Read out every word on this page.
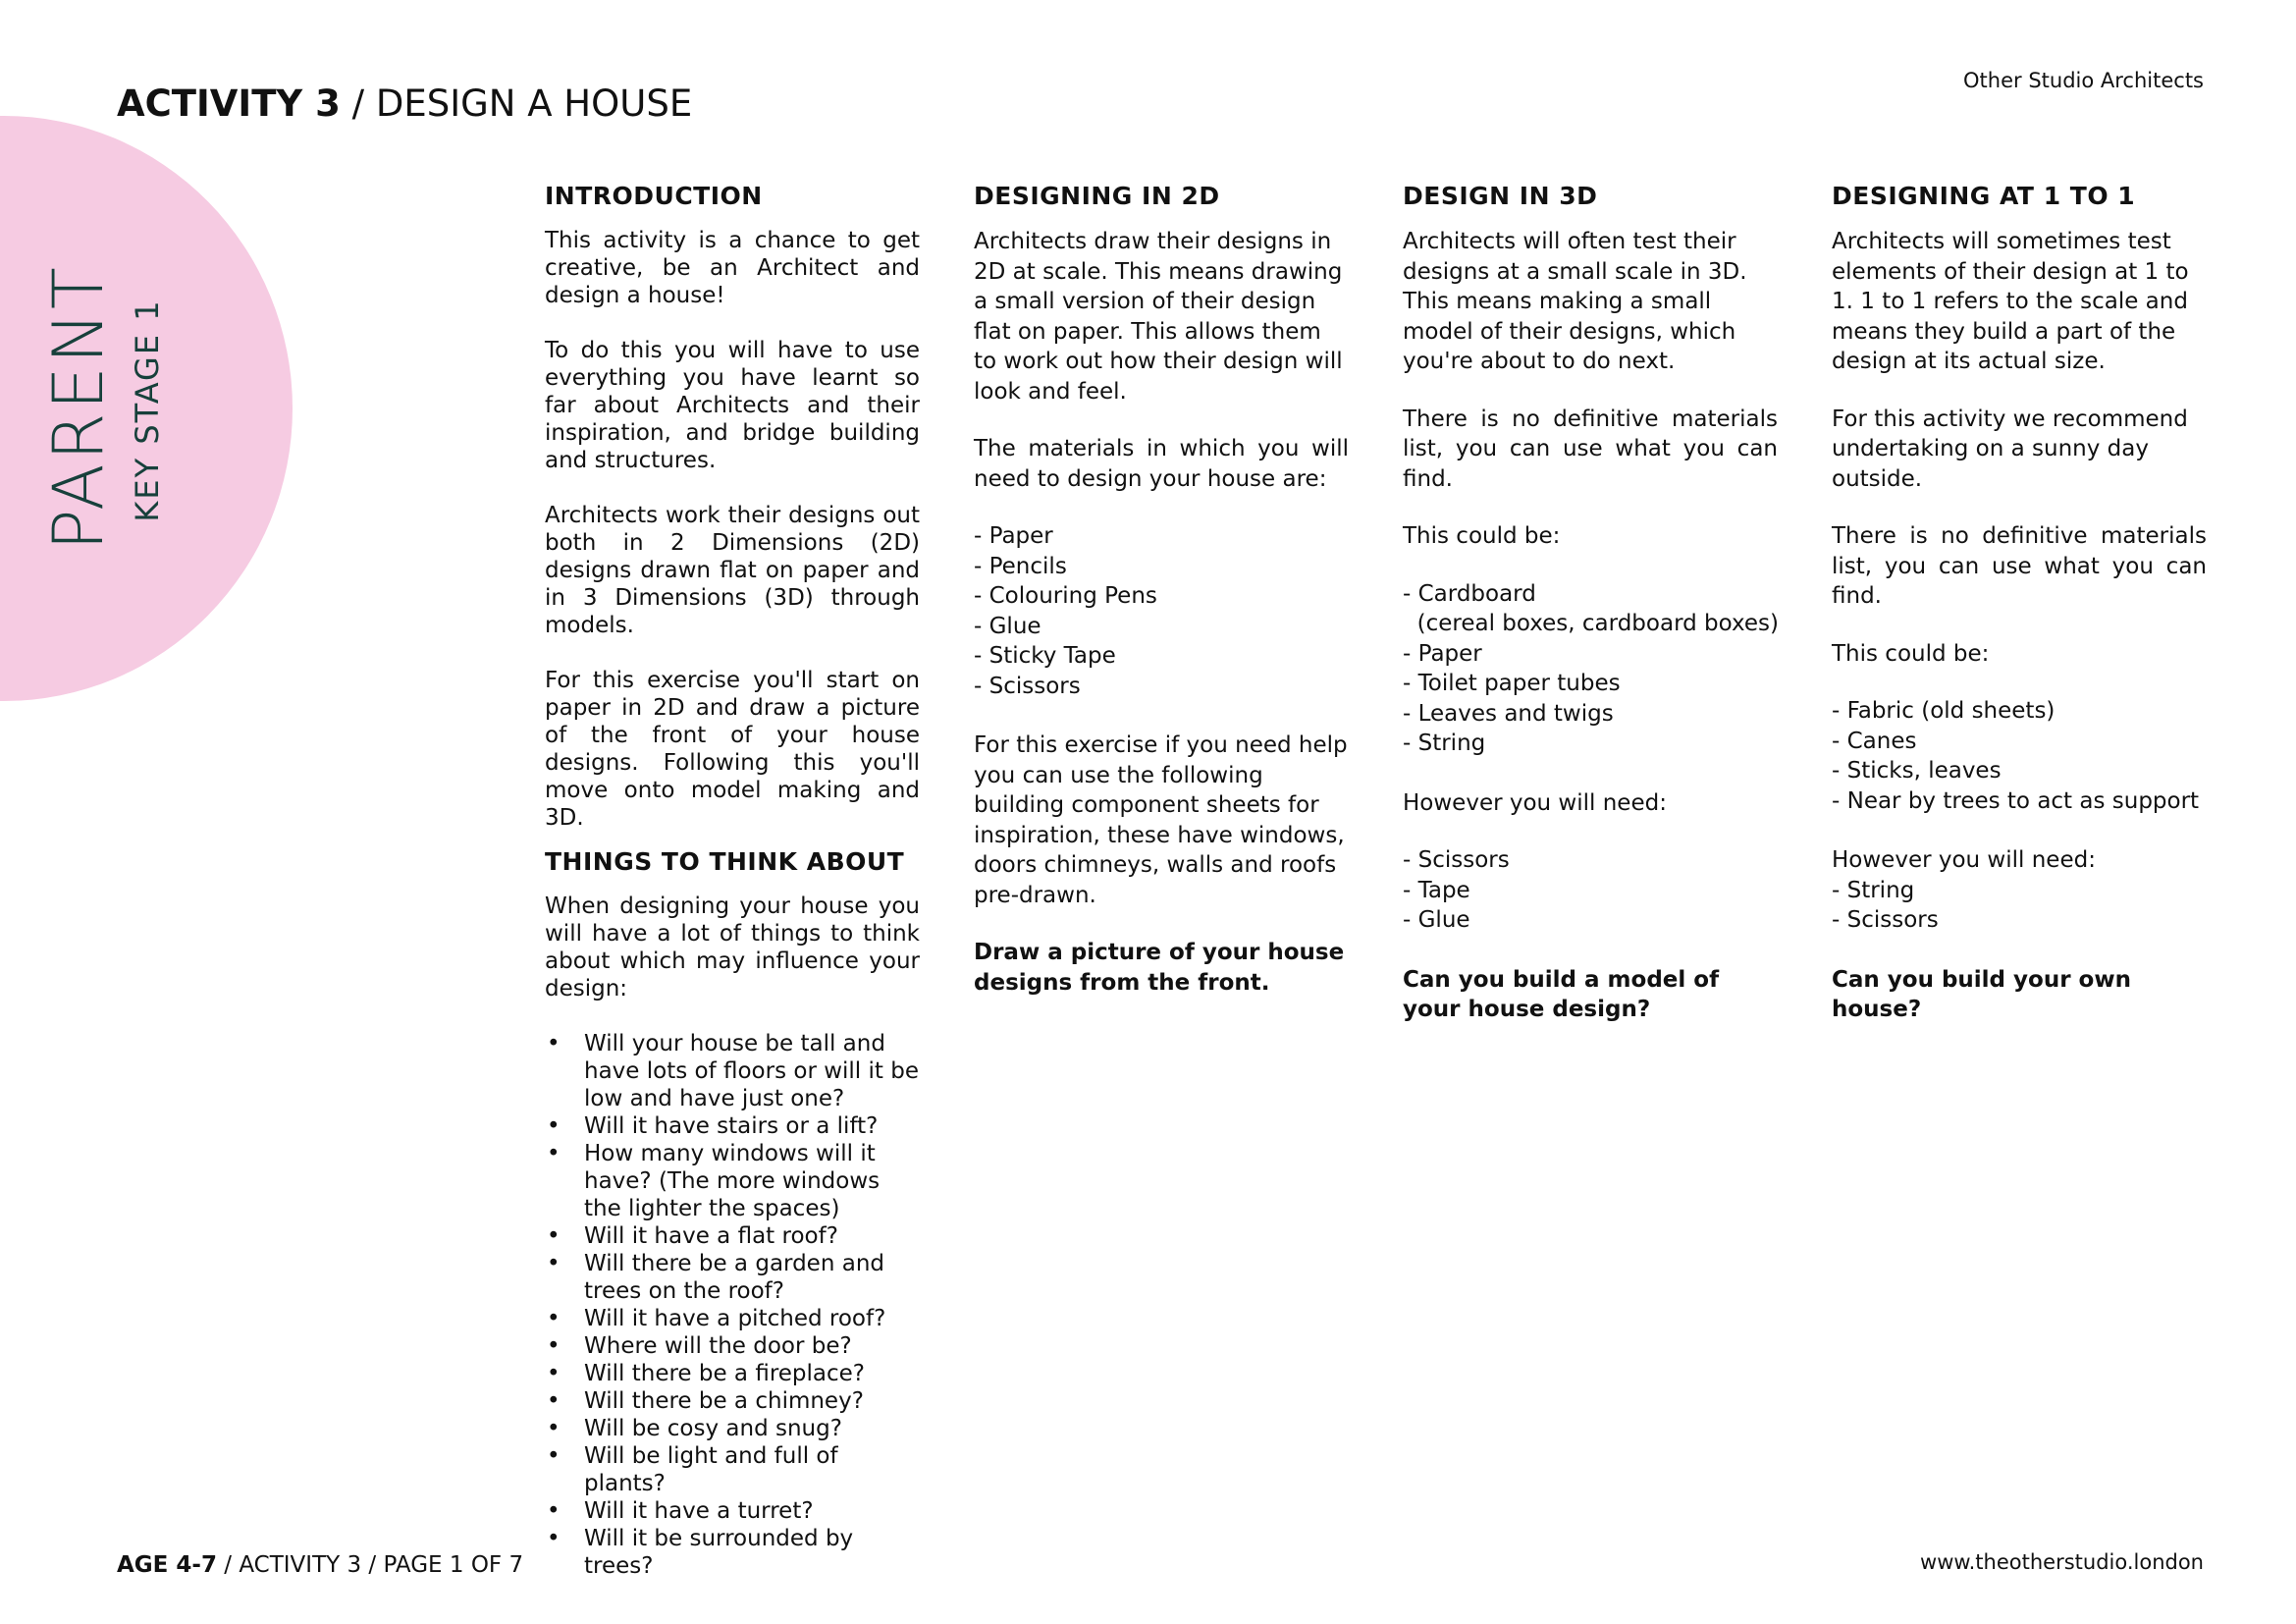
PARENT KEY STAGE 1
ACTIVITY 3 / DESIGN A HOUSE
Other Studio Architects
INTRODUCTION
This activity is a chance to get creative, be an Architect and design a house!
To do this you will have to use everything you have learnt so far about Architects and their inspiration, and bridge building and structures.
Architects work their designs out both in 2 Dimensions (2D) designs drawn flat on paper and in 3 Dimensions (3D) through models.
For this exercise you'll start on paper in 2D and draw a picture of the front of your house designs. Following this you'll move onto model making and 3D.
THINGS TO THINK ABOUT
When designing your house you will have a lot of things to think about which may influence your design:
• Will your house be tall and have lots of floors or will it be low and have just one?
• Will it have stairs or a lift?
• How many windows will it have? (The more windows the lighter the spaces)
• Will it have a flat roof?
• Will there be a garden and trees on the roof?
• Will it have a pitched roof?
• Where will the door be?
• Will there be a fireplace?
• Will there be a chimney?
• Will be cosy and snug?
• Will be light and full of plants?
• Will it have a turret?
• Will it be surrounded by trees?
DESIGNING IN 2D
Architects draw their designs in 2D at scale. This means drawing a small version of their design flat on paper. This allows them to work out how their design will look and feel.
The materials in which you will need to design your house are:
- Paper
- Pencils
- Colouring Pens
- Glue
- Sticky Tape
- Scissors
For this exercise if you need help you can use the following building component sheets for inspiration, these have windows, doors chimneys, walls and roofs pre-drawn.
Draw a picture of your house designs from the front.
DESIGN IN 3D
Architects will often test their designs at a small scale in 3D. This means making a small model of their designs, which you're about to do next.
There is no definitive materials list, you can use what you can find.
This could be:
- Cardboard
(cereal boxes, cardboard boxes)
- Paper
- Toilet paper tubes
- Leaves and twigs
- String
However you will need:
- Scissors
- Tape
- Glue
Can you build a model of your house design?
DESIGNING AT 1 TO 1
Architects will sometimes test elements of their design at 1 to 1. 1 to 1 refers to the scale and means they build a part of the design at its actual size.
For this activity we recommend undertaking on a sunny day outside.
There is no definitive materials list, you can use what you can find.
This could be:
- Fabric (old sheets)
- Canes
- Sticks, leaves
- Near by trees to act as support
However you will need:
- String
- Scissors
Can you build your own house?
AGE 4-7 / ACTIVITY 3 / PAGE 1 OF 7	www.theotherstudio.london
